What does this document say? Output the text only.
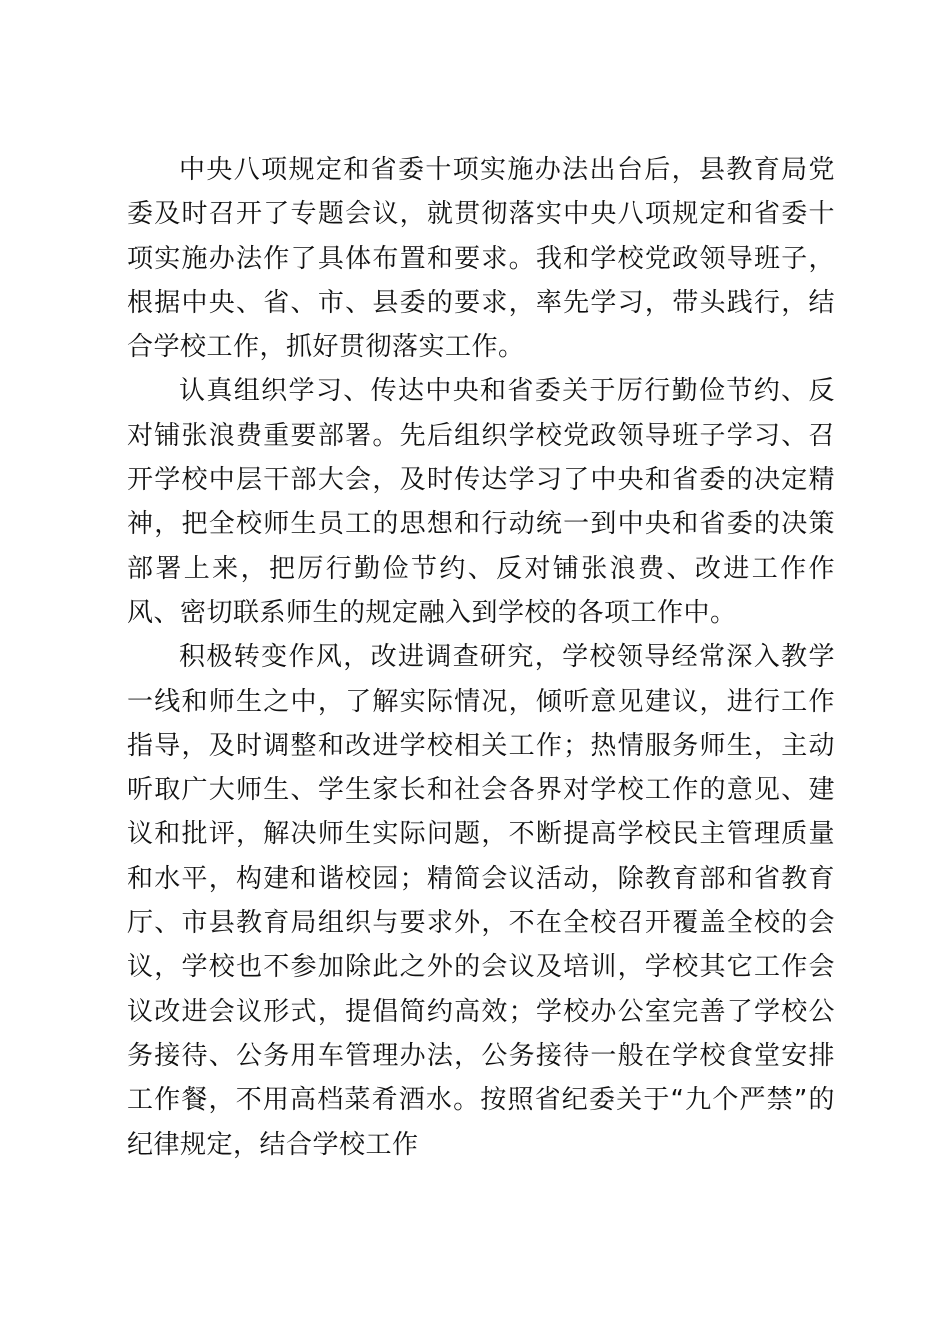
中央八项规定和省委十项实施办法出台后，县教育局党委及时召开了专题会议，就贯彻落实中央八项规定和省委十项实施办法作了具体布置和要求。我和学校党政领导班子，根据中央、省、市、县委的要求，率先学习，带头践行，结合学校工作，抓好贯彻落实工作。

认真组织学习、传达中央和省委关于厉行勤俭节约、反对铺张浪费重要部署。先后组织学校党政领导班子学习、召开学校中层干部大会，及时传达学习了中央和省委的决定精神，把全校师生员工的思想和行动统一到中央和省委的决策部署上来，把厉行勤俭节约、反对铺张浪费、改进工作作风、密切联系师生的规定融入到学校的各项工作中。

积极转变作风，改进调查研究，学校领导经常深入教学一线和师生之中，了解实际情况，倾听意见建议，进行工作指导，及时调整和改进学校相关工作；热情服务师生，主动听取广大师生、学生家长和社会各界对学校工作的意见、建议和批评，解决师生实际问题，不断提高学校民主管理质量和水平，构建和谐校园；精简会议活动，除教育部和省教育厅、市县教育局组织与要求外，不在全校召开覆盖全校的会议，学校也不参加除此之外的会议及培训，学校其它工作会议改进会议形式，提倡简约高效；学校办公室完善了学校公务接待、公务用车管理办法，公务接待一般在学校食堂安排工作餐，不用高档菜肴酒水。按照省纪委关于“九个严禁”的纪律规定，结合学校工作
